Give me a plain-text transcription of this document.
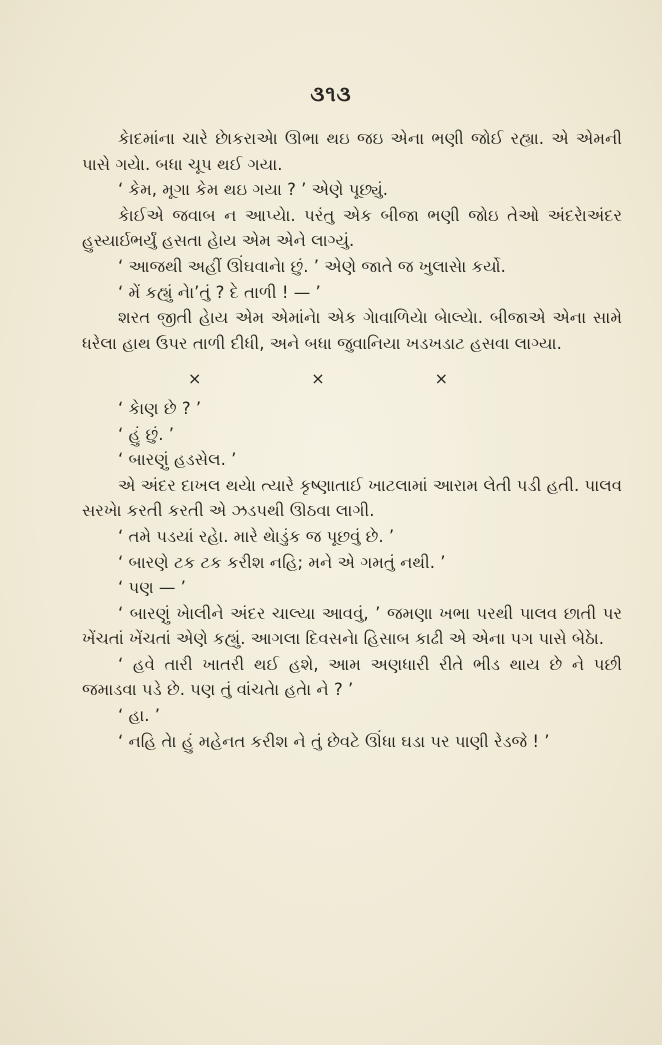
૩૧૩

કેાદમાંના ચારે છેાકરાએા ઊભા થઇ જઇ એના ભણી જોઈ રહ્યા. એ એમની પાસે ગયેા. બધા ચૂપ થઈ ગયા.

‘ કેમ, મૂગા કેમ થઇ ગયા ? ’ એણે પૂછ્યું.

કેાઈએ જવાબ ન આપ્યેા. પરંતુ એક બીજા ભણી જોઇ તેઓ અંદરેાઅંદર હુસ્યાર્ઇભર્યું હસતા હેાય એમ એને લાગ્યું.

‘ આજથી અહીં ઊંઘવાનેા છું. ’ એણે જાતે જ ખુલાસેા કર્યો.

‘ મેં કહ્યું નેા’તું ? દે તાળી ! — ’

શરત જીતી હેાય એમ એમાંનેા એક ગેાવાળિયેા બેાલ્યેા. બીજાએ એના સામે ધરેલા હાથ ઉપર તાળી દીધી, અને બધા જુવાનિયા ખડખડાટ હસવા લાગ્યા.

×	×	×

‘ કેાણ છે ? ’

‘ હું છું. ’

‘ બારણું હડસેલ. ’

એ અંદર દાખલ થયેા ત્યારે કૃષ્ણાતાઈ ખાટલામાં આરામ લેતી પડી હતી. પાલવ સરખેા કરતી કરતી એ ઝડપથી ઊઠવા લાગી.

‘ તમે પડયાં રહેા. મારે થેાડુંક જ પૂછવું છે. ’

‘ બારણે ટક ટક કરીશ નહિ; મને એ ગમતું નથી. ’

‘ પણ — ’

‘ બારણું ખેાલીને અંદર ચાલ્યા આવવું, ’ જમણા ખભા પરથી પાલવ છાતી પર ખેંચતાં ખેંચતાં એણે કહ્યું. આગલા દિવસનેા હિસાબ કાઢી એ એના પગ પાસે બેઠેા.

‘ હવે તારી ખાતરી થઈ હશે, આમ અણધારી રીતે ભીડ થાય છે ને પછી જમાડવા પડે છે. પણ તું વાંચતેા હતેા ને ? ’

‘ હા. ’

‘ નહિ તેા હું મહેનત કરીશ ને તું છેવટે ઊંધા ઘડા પર પાણી રેડજે ! ’
